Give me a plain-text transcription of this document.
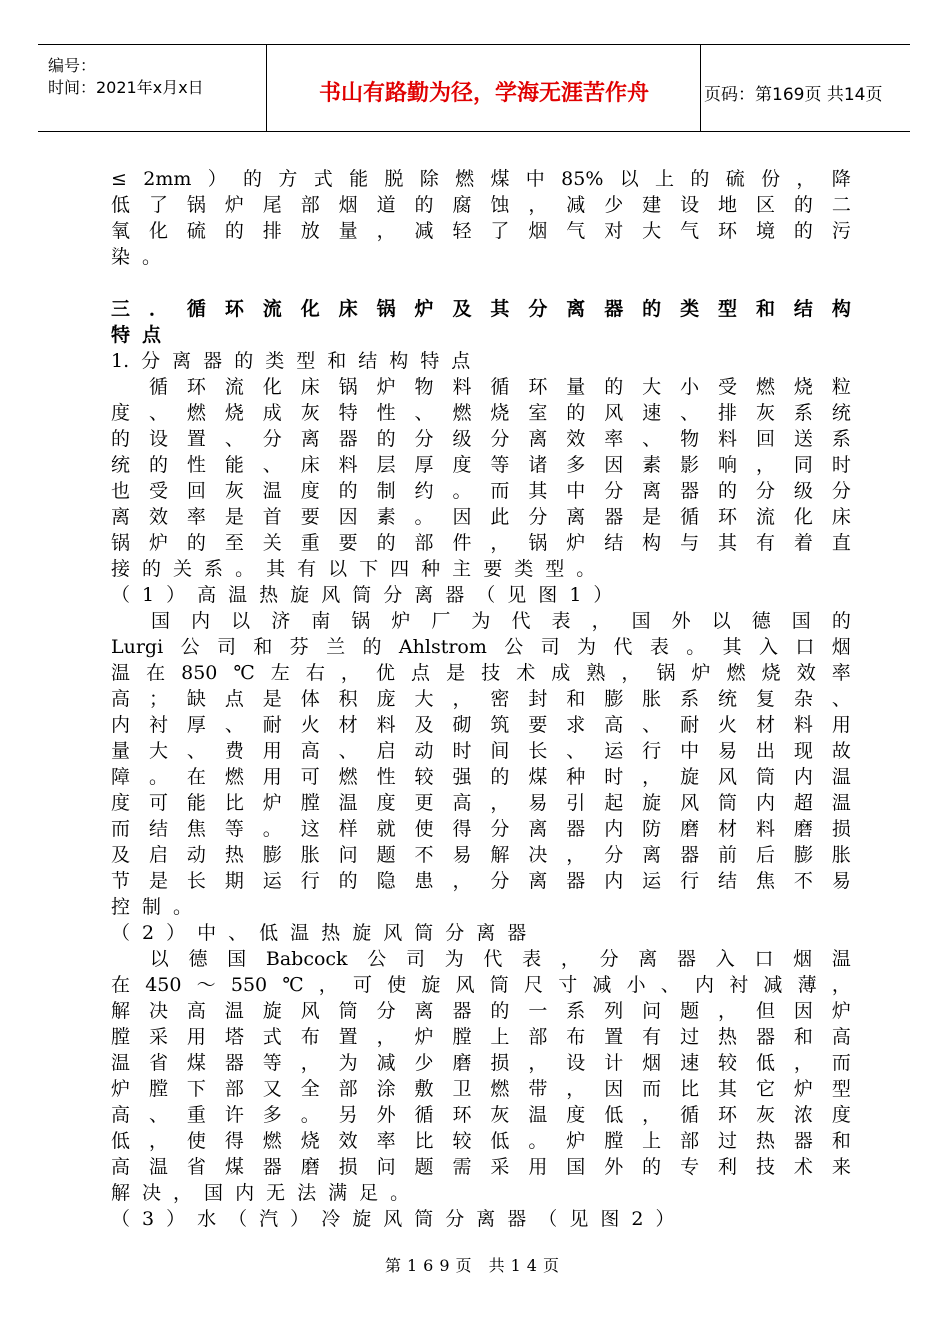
编号：
时间：2021年x月x日	书山有路勤为径，学海无涯苦作舟	页码：第169页 共14页
≤ 2mm ） 的 方 式 能 脱 除 燃 煤 中 85% 以 上 的 硫 份 ， 降
低 了 锅 炉 尾 部 烟 道 的 腐 蚀 ， 减 少 建 设 地 区 的 二
氧 化 硫 的 排 放 量 ， 减 轻 了 烟 气 对 大 气 环 境 的 污
染 。
三 ． 循 环 流 化 床 锅 炉 及 其 分 离 器 的 类 型 和 结 构
特 点
1. 分 离 器 的 类 型 和 结 构 特 点

循 环 流 化 床 锅 炉 物 料 循 环 量 的 大 小 受 燃 烧 粒
度 、 燃 烧 成 灰 特 性 、 燃 烧 室 的 风 速 、 排 灰 系 统
的 设 置 、 分 离 器 的 分 级 分 离 效 率 、 物 料 回 送 系
统 的 性 能 、 床 料 层 厚 度 等 诸 多 因 素 影 响 ， 同 时
也 受 回 灰 温 度 的 制 约 。 而 其 中 分 离 器 的 分 级 分
离 效 率 是 首 要 因 素 。 因 此 分 离 器 是 循 环 流 化 床
锅 炉 的 至 关 重 要 的 部 件 ， 锅 炉 结 构 与 其 有 着 直
接 的 关 系 。 其 有 以 下 四 种 主 要 类 型 。
（ 1 ） 高 温 热 旋 风 筒 分 离 器 （ 见 图 1 ）

国 内 以 济 南 锅 炉 厂 为 代 表 ， 国 外 以 德 国 的
Lurgi 公 司 和 芬 兰 的 Ahlstrom 公 司 为 代 表 。 其 入 口 烟
温 在 850 ℃ 左 右 ， 优 点 是 技 术 成 熟 ， 锅 炉 燃 烧 效 率
高 ； 缺 点 是 体 积 庞 大 ， 密 封 和 膨 胀 系 统 复 杂 、
内 衬 厚 、 耐 火 材 料 及 砌 筑 要 求 高 、 耐 火 材 料 用
量 大 、 费 用 高 、 启 动 时 间 长 、 运 行 中 易 出 现 故
障 。 在 燃 用 可 燃 性 较 强 的 煤 种 时 ， 旋 风 筒 内 温
度 可 能 比 炉 膛 温 度 更 高 ， 易 引 起 旋 风 筒 内 超 温
而 结 焦 等 。 这 样 就 使 得 分 离 器 内 防 磨 材 料 磨 损
及 启 动 热 膨 胀 问 题 不 易 解 决 ， 分 离 器 前 后 膨 胀
节 是 长 期 运 行 的 隐 患 ， 分 离 器 内 运 行 结 焦 不 易
控 制 。
（ 2 ） 中 、 低 温 热 旋 风 筒 分 离 器

以 德 国 Babcock 公 司 为 代 表 ， 分 离 器 入 口 烟 温
在 450 ～ 550 ℃ ， 可 使 旋 风 筒 尺 寸 减 小 、 内 衬 减 薄 ，
解 决 高 温 旋 风 筒 分 离 器 的 一 系 列 问 题 ， 但 因 炉
膛 采 用 塔 式 布 置 ， 炉 膛 上 部 布 置 有 过 热 器 和 高
温 省 煤 器 等 ， 为 减 少 磨 损 ， 设 计 烟 速 较 低 ， 而
炉 膛 下 部 又 全 部 涂 敷 卫 燃 带 ， 因 而 比 其 它 炉 型
高 、 重 许 多 。 另 外 循 环 灰 温 度 低 ， 循 环 灰 浓 度
低 ， 使 得 燃 烧 效 率 比 较 低 。 炉 膛 上 部 过 热 器 和
高 温 省 煤 器 磨 损 问 题 需 采 用 国 外 的 专 利 技 术 来
解 决 ， 国 内 无 法 满 足 。
（ 3 ） 水 （ 汽 ） 冷 旋 风 筒 分 离 器 （ 见 图 2 ）
第169页 共14页
